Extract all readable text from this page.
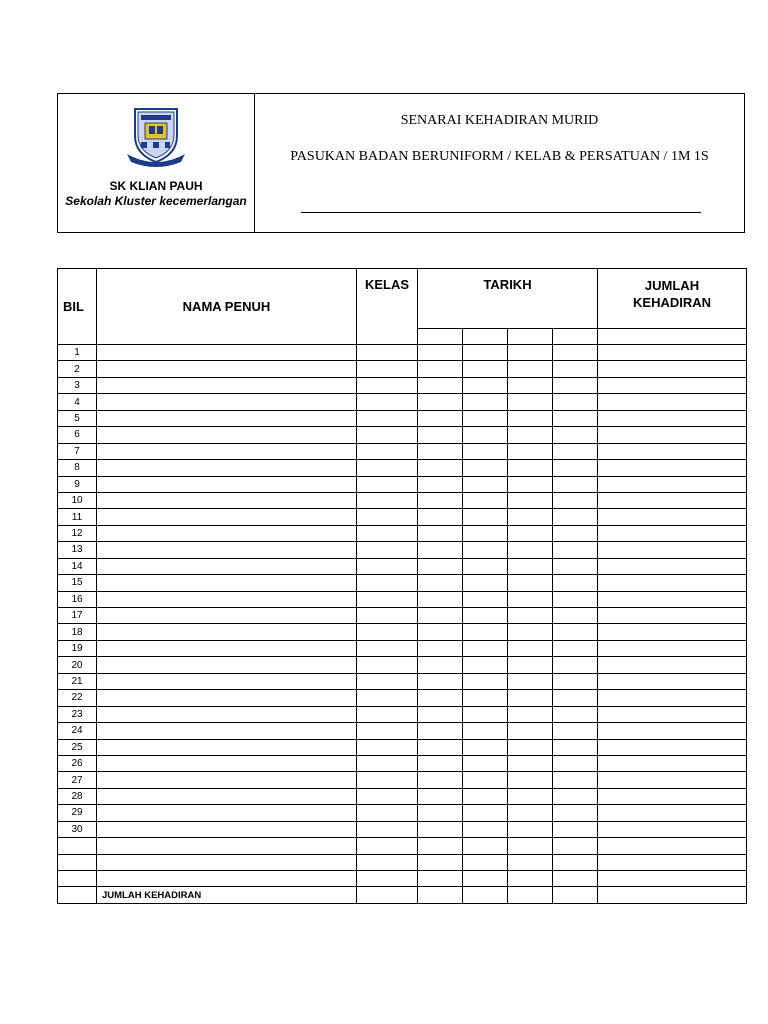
SK KLIAN PAUH
Sekolah Kluster kecemerlangan
SENARAI KEHADIRAN MURID
PASUKAN BADAN BERUNIFORM / KELAB & PERSATUAN / 1M 1S
BIL	NAMA PENUH	KELAS	TARIKH				JUMLAH KEHADIRAN

1							
2							
3							
4							
5							
6							
7							
8							
9							
10							
11							
12							
13							
14							
15							
16							
17							
18							
19							
20							
21							
22							
23							
24							
25							
26							
27							
28							
29							
30							

	JUMLAH KEHADIRAN						
